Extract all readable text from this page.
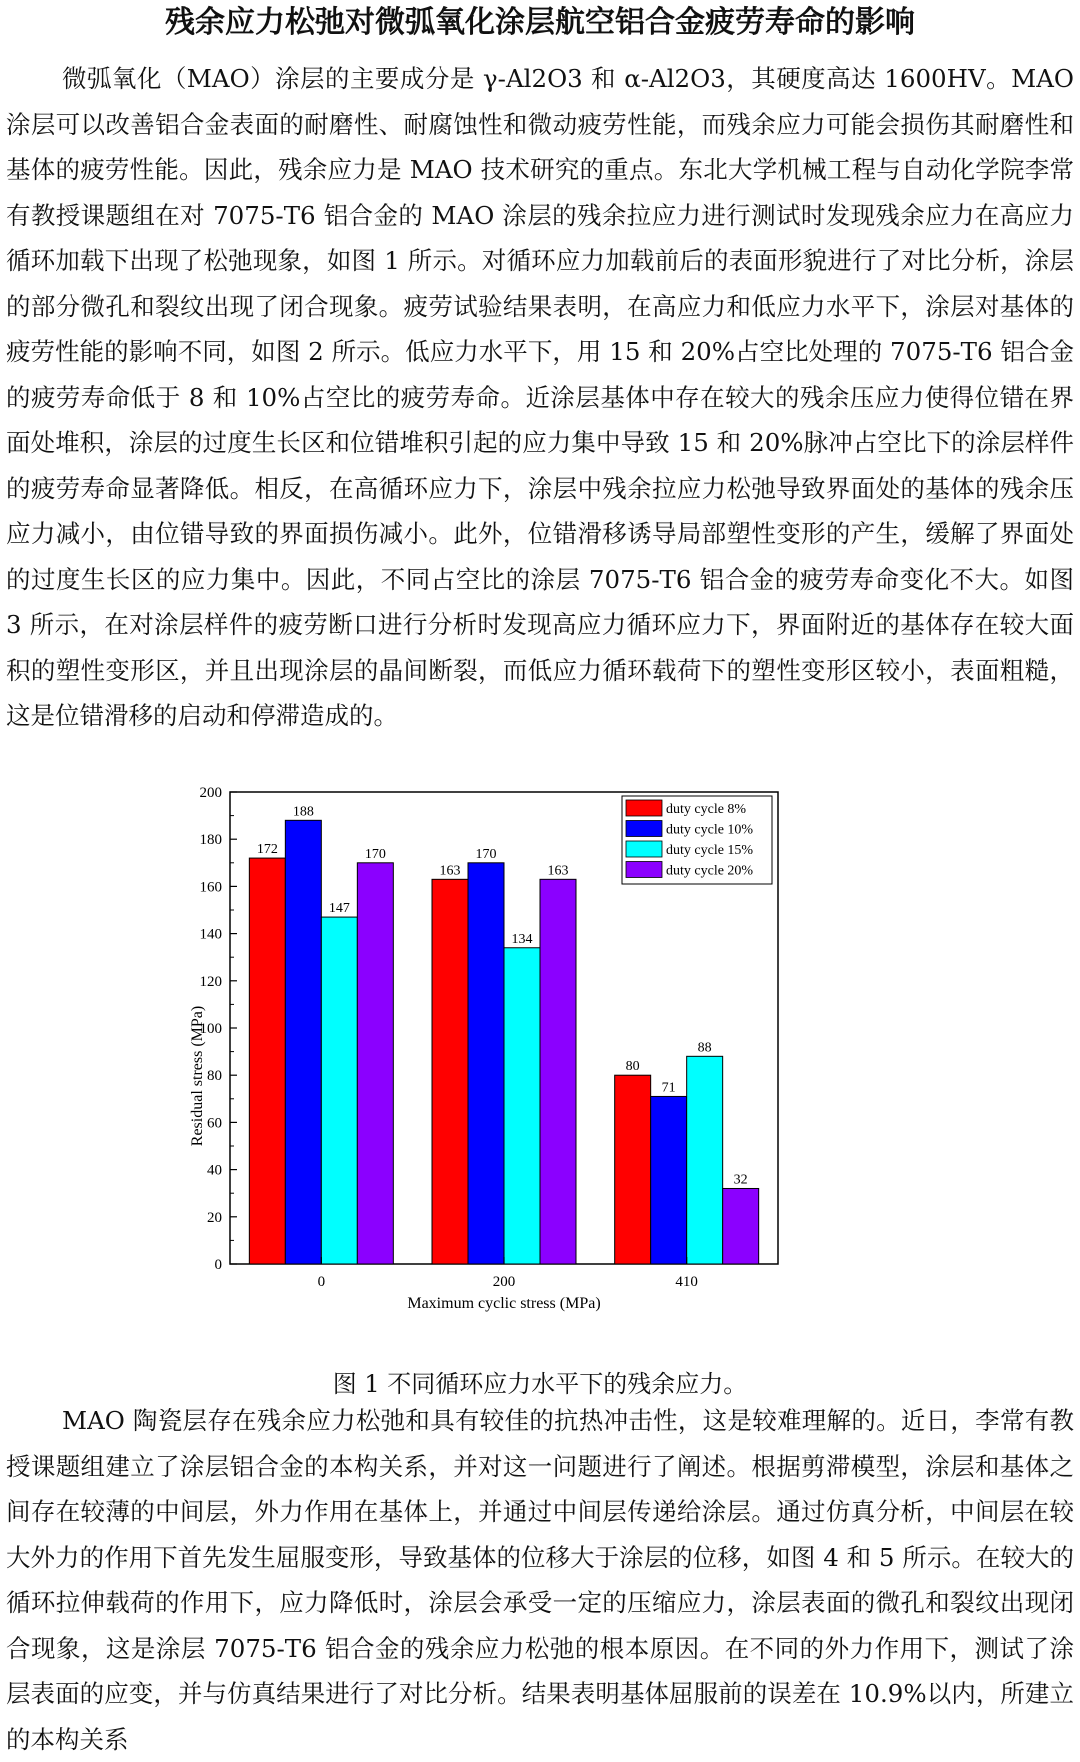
残余应力松弛对微弧氧化涂层航空铝合金疲劳寿命的影响
微弧氧化（MAO）涂层的主要成分是 γ-Al2O3 和 α-Al2O3，其硬度高达 1600HV。MAO 涂层可以改善铝合金表面的耐磨性、耐腐蚀性和微动疲劳性能，而残余应力可能会损伤其耐磨性和基体的疲劳性能。因此，残余应力是 MAO 技术研究的重点。东北大学机械工程与自动化学院李常有教授课题组在对 7075-T6 铝合金的 MAO 涂层的残余拉应力进行测试时发现残余应力在高应力循环加载下出现了松弛现象，如图 1 所示。对循环应力加载前后的表面形貌进行了对比分析，涂层的部分微孔和裂纹出现了闭合现象。疲劳试验结果表明，在高应力和低应力水平下，涂层对基体的疲劳性能的影响不同，如图 2 所示。低应力水平下，用 15 和 20%占空比处理的 7075-T6 铝合金的疲劳寿命低于 8 和 10%占空比的疲劳寿命。近涂层基体中存在较大的残余压应力使得位错在界面处堆积，涂层的过度生长区和位错堆积引起的应力集中导致 15 和 20%脉冲占空比下的涂层样件的疲劳寿命显著降低。相反，在高循环应力下，涂层中残余拉应力松弛导致界面处的基体的残余压应力减小，由位错导致的界面损伤减小。此外，位错滑移诱导局部塑性变形的产生，缓解了界面处的过度生长区的应力集中。因此，不同占空比的涂层 7075-T6 铝合金的疲劳寿命变化不大。如图 3 所示，在对涂层样件的疲劳断口进行分析时发现高应力循环应力下，界面附近的基体存在较大面积的塑性变形区，并且出现涂层的晶间断裂，而低应力循环载荷下的塑性变形区较小，表面粗糙，这是位错滑移的启动和停滞造成的。
Residual stress (MPa)
Maximum cyclic stress (MPa)
0
20
40
60
80
100
120
140
160
180
200
172
188
147
170
0
163
170
134
163
200
80
71
88
32
410
duty cycle 8%
duty cycle 10%
duty cycle 15%
duty cycle 20%
图 1 不同循环应力水平下的残余应力。
MAO 陶瓷层存在残余应力松弛和具有较佳的抗热冲击性，这是较难理解的。近日，李常有教授课题组建立了涂层铝合金的本构关系，并对这一问题进行了阐述。根据剪滞模型，涂层和基体之间存在较薄的中间层，外力作用在基体上，并通过中间层传递给涂层。通过仿真分析，中间层在较大外力的作用下首先发生屈服变形，导致基体的位移大于涂层的位移，如图 4 和 5 所示。在较大的循环拉伸载荷的作用下，应力降低时，涂层会承受一定的压缩应力，涂层表面的微孔和裂纹出现闭合现象，这是涂层 7075-T6 铝合金的残余应力松弛的根本原因。在不同的外力作用下，测试了涂层表面的应变，并与仿真结果进行了对比分析。结果表明基体屈服前的误差在 10.9%以内，所建立的本构关系
